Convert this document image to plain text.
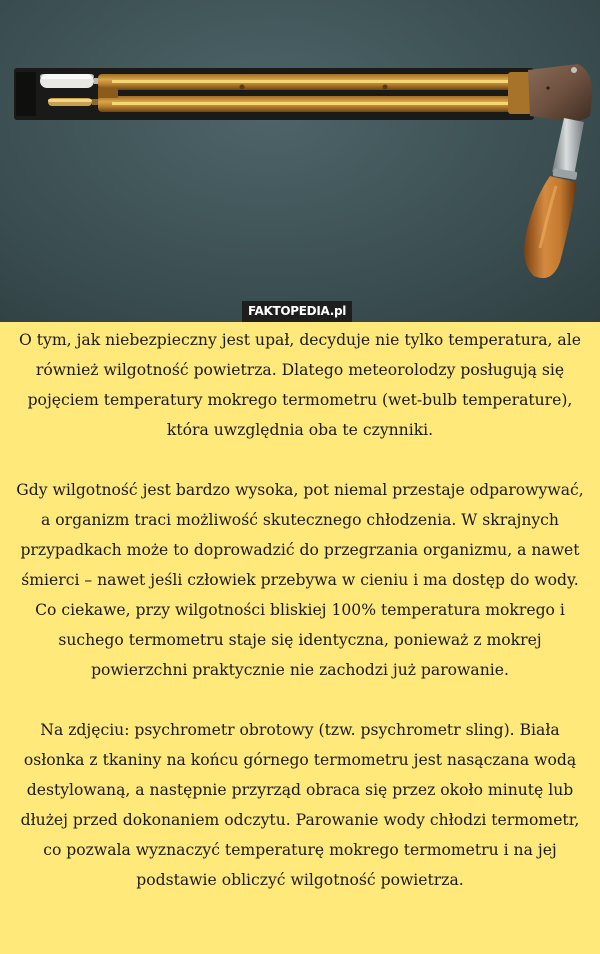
FAKTOPEDIA.pl

O tym, jak niebezpieczny jest upał, decyduje nie tylko temperatura, ale również wilgotność powietrza. Dlatego meteorolodzy posługują się pojęciem temperatury mokrego termometru (wet-bulb temperature), która uwzględnia oba te czynniki.

Gdy wilgotność jest bardzo wysoka, pot niemal przestaje odparowywać, a organizm traci możliwość skutecznego chłodzenia. W skrajnych przypadkach może to doprowadzić do przegrzania organizmu, a nawet śmierci – nawet jeśli człowiek przebywa w cieniu i ma dostęp do wody. Co ciekawe, przy wilgotności bliskiej 100% temperatura mokrego i suchego termometru staje się identyczna, ponieważ z mokrej powierzchni praktycznie nie zachodzi już parowanie.

Na zdjęciu: psychrometr obrotowy (tzw. psychrometr sling). Biała osłonka z tkaniny na końcu górnego termometru jest nasączana wodą destylowaną, a następnie przyrząd obraca się przez około minutę lub dłużej przed dokonaniem odczytu. Parowanie wody chłodzi termometr, co pozwala wyznaczyć temperaturę mokrego termometru i na jej podstawie obliczyć wilgotność powietrza.
